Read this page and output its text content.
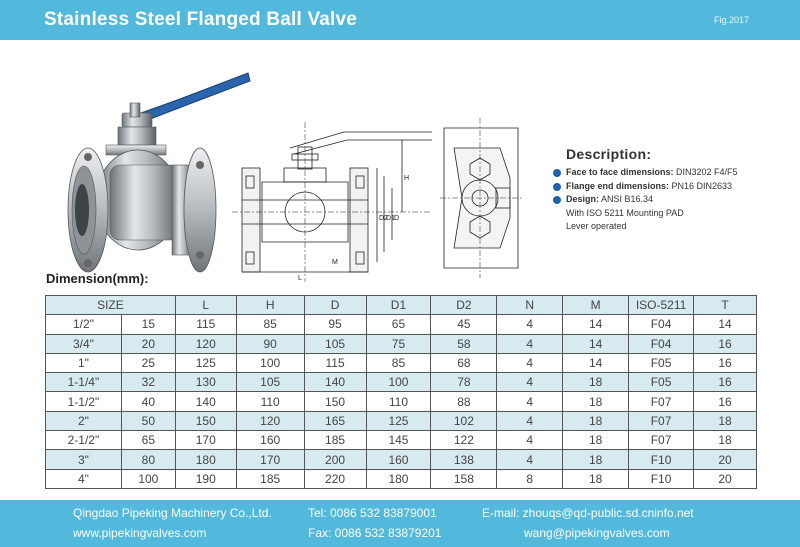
Stainless Steel Flanged Ball Valve	Fig.2017
H
L
D2
D1 D
M
Description:
Face to face dimensions: DIN3202 F4/F5
Flange end dimensions: PN16 DIN2633
Design: ANSI B16.34
With ISO 5211 Mounting PAD
Lever operated
Dimension(mm):
SIZE		L	H	D	D1	D2	N	M	ISO-5211	T
1/2"	15	115	85	95	65	45	4	14	F04	14
3/4"	20	120	90	105	75	58	4	14	F04	16
1"	25	125	100	115	85	68	4	14	F05	16
1-1/4"	32	130	105	140	100	78	4	18	F05	16
1-1/2"	40	140	110	150	110	88	4	18	F07	16
2"	50	150	120	165	125	102	4	18	F07	18
2-1/2"	65	170	160	185	145	122	4	18	F07	18
3"	80	180	170	200	160	138	4	18	F10	20
4"	100	190	185	220	180	158	8	18	F10	20
Qingdao Pipeking Machinery Co.,Ltd.
www.pipekingvalves.com
Tel: 0086 532 83879001
Fax: 0086 532 83879201
E-mail: zhouqs@qd-public.sd.cninfo.net
wang@pipekingvalves.com
